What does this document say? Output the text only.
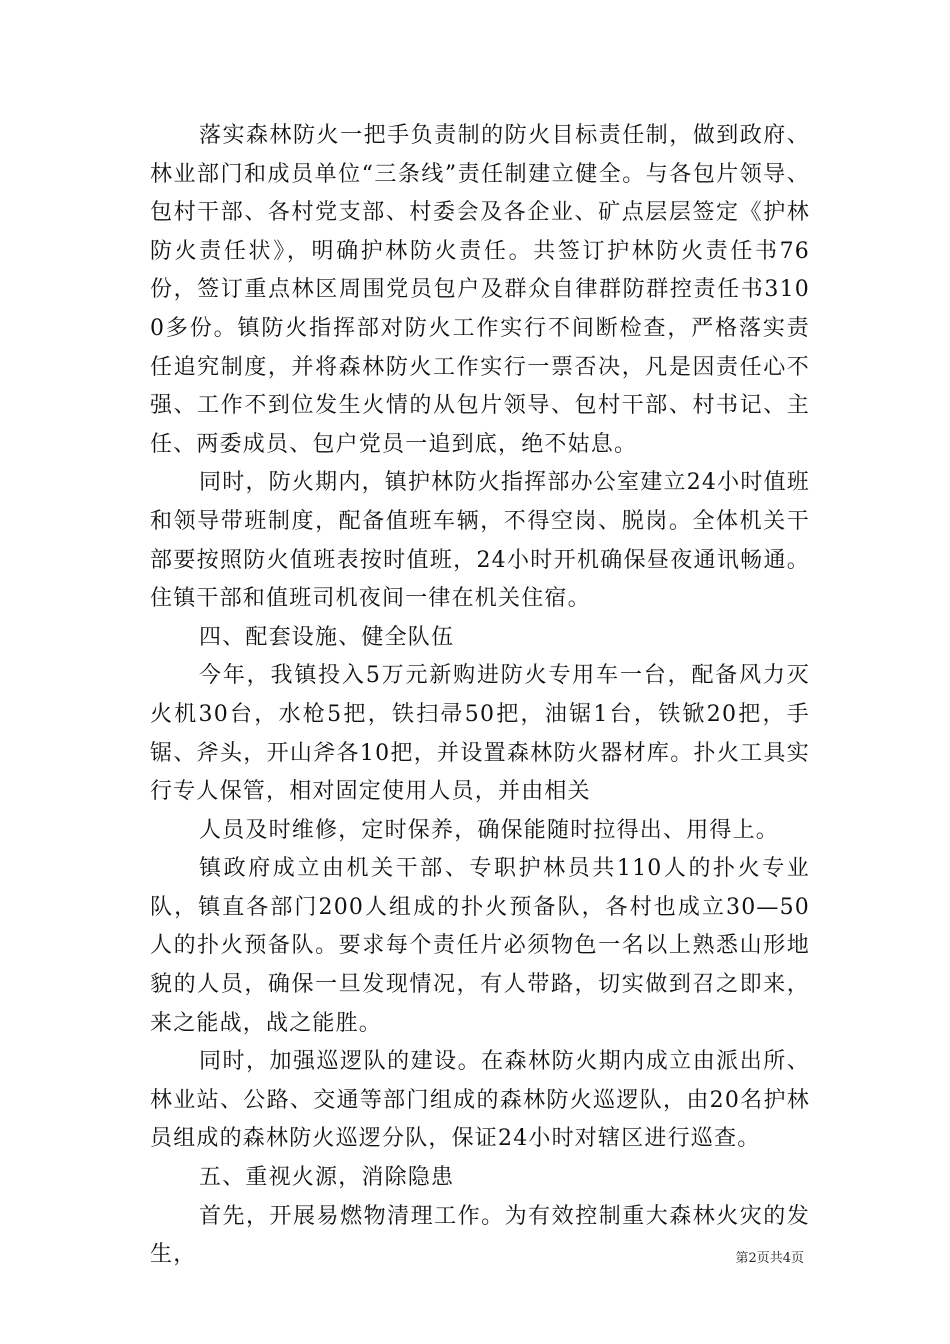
落实森林防火一把手负责制的防火目标责任制，做到政府、林业部门和成员单位“三条线”责任制建立健全。与各包片领导、包村干部、各村党支部、村委会及各企业、矿点层层签定《护林防火责任状》，明确护林防火责任。共签订护林防火责任书76份，签订重点林区周围党员包户及群众自律群防群控责任书3100多份。镇防火指挥部对防火工作实行不间断检查，严格落实责任追究制度，并将森林防火工作实行一票否决，凡是因责任心不强、工作不到位发生火情的从包片领导、包村干部、村书记、主任、两委成员、包户党员一追到底，绝不姑息。

同时，防火期内，镇护林防火指挥部办公室建立24小时值班和领导带班制度，配备值班车辆，不得空岗、脱岗。全体机关干部要按照防火值班表按时值班，24小时开机确保昼夜通讯畅通。住镇干部和值班司机夜间一律在机关住宿。

四、配套设施、健全队伍

今年，我镇投入5万元新购进防火专用车一台，配备风力灭火机30台，水枪5把，铁扫帚50把，油锯1台，铁锨20把，手锯、斧头，开山斧各10把，并设置森林防火器材库。扑火工具实行专人保管，相对固定使用人员，并由相关

人员及时维修，定时保养，确保能随时拉得出、用得上。

镇政府成立由机关干部、专职护林员共110人的扑火专业队，镇直各部门200人组成的扑火预备队，各村也成立30—50人的扑火预备队。要求每个责任片必须物色一名以上熟悉山形地貌的人员，确保一旦发现情况，有人带路，切实做到召之即来，来之能战，战之能胜。

同时，加强巡逻队的建设。在森林防火期内成立由派出所、林业站、公路、交通等部门组成的森林防火巡逻队，由20名护林员组成的森林防火巡逻分队，保证24小时对辖区进行巡查。

五、重视火源，消除隐患

首先，开展易燃物清理工作。为有效控制重大森林火灾的发生，	第2页共4页
